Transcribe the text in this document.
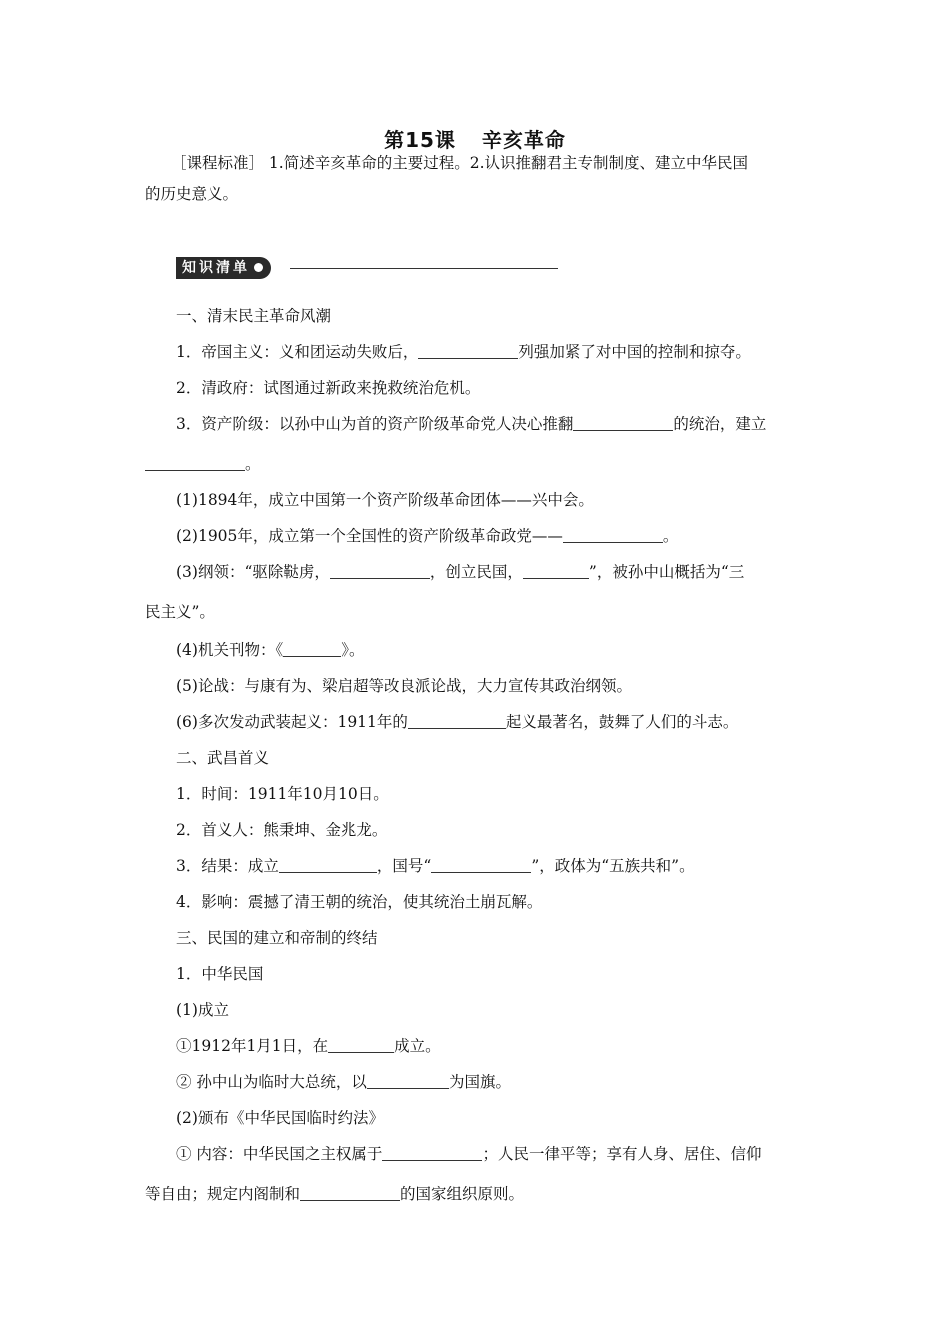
第15课 辛亥革命
［课程标准］ 1.简述辛亥革命的主要过程。2.认识推翻君主专制制度、建立中华民国
的历史意义。
知识清单
一、清末民主革命风潮
1．帝国主义：义和团运动失败后，	列强加紧了对中国的控制和掠夺。
2．清政府：试图通过新政来挽救统治危机。
3．资产阶级：以孙中山为首的资产阶级革命党人决心推翻	的统治，建立
。
(1)1894年，成立中国第一个资产阶级革命团体——兴中会。
(2)1905年，成立第一个全国性的资产阶级革命政党——	。
(3)纲领：“驱除鞑虏，	，创立民国，	”，被孙中山概括为“三
民主义”。
(4)机关刊物：《	》。
(5)论战：与康有为、梁启超等改良派论战，大力宣传其政治纲领。
(6)多次发动武装起义：1911年的	起义最著名，鼓舞了人们的斗志。
二、武昌首义
1．时间：1911年10月10日。
2．首义人：熊秉坤、金兆龙。
3．结果：成立	，国号“	”，政体为“五族共和”。
4．影响：震撼了清王朝的统治，使其统治土崩瓦解。
三、民国的建立和帝制的终结
1．中华民国
(1)成立
①1912年1月1日，在	成立。
② 孙中山为临时大总统，以	为国旗。
(2)颁布《中华民国临时约法》
① 内容：中华民国之主权属于	；人民一律平等；享有人身、居住、信仰
等自由；规定内阁制和	的国家组织原则。
